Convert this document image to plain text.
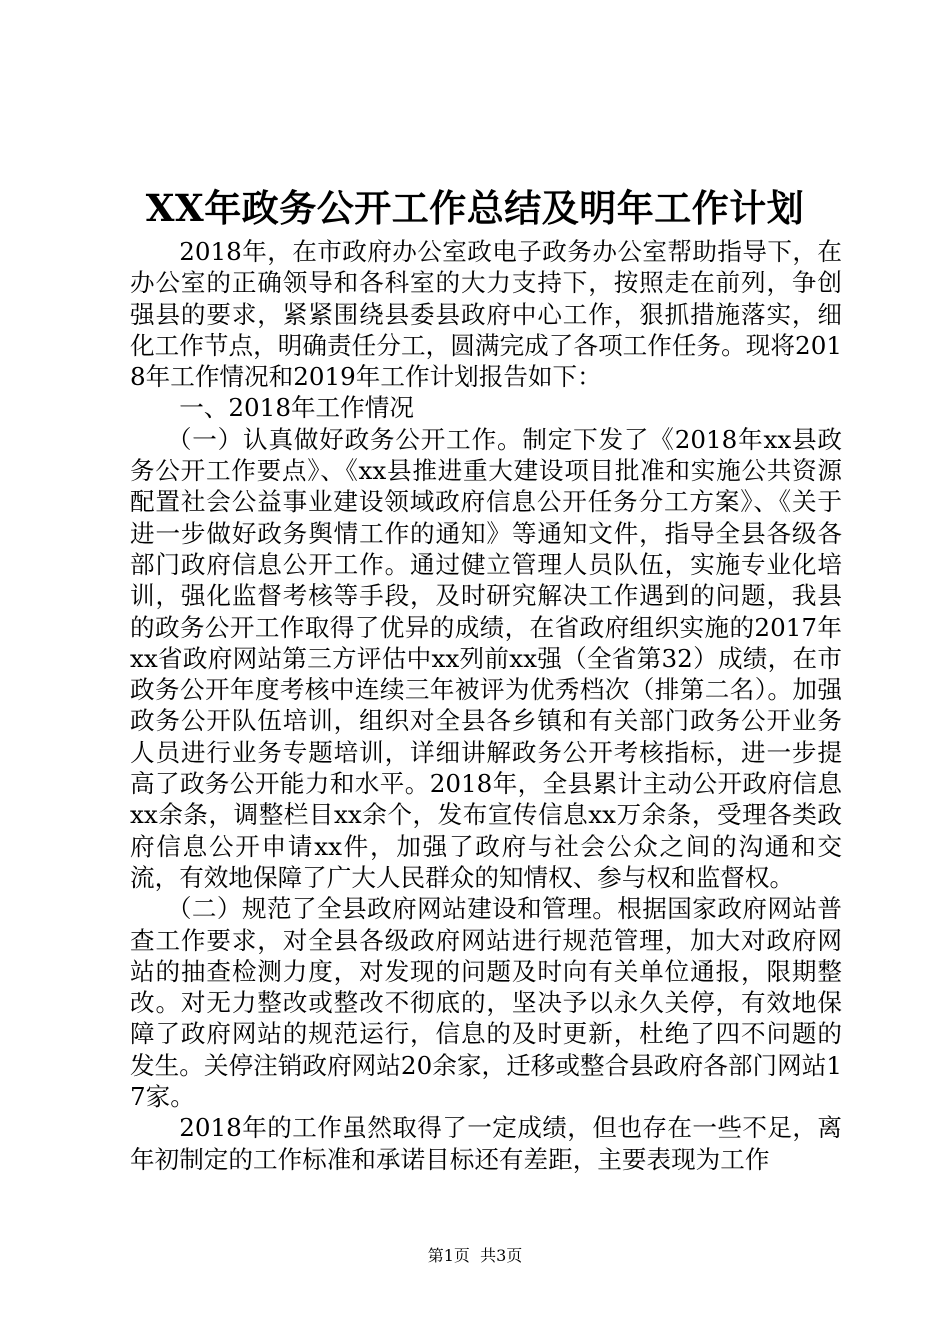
XX年政务公开工作总结及明年工作计划

2018年，在市政府办公室政电子政务办公室帮助指导下，在办公室的正确领导和各科室的大力支持下，按照走在前列，争创强县的要求，紧紧围绕县委县政府中心工作，狠抓措施落实，细化工作节点，明确责任分工，圆满完成了各项工作任务。现将2018年工作情况和2019年工作计划报告如下：

一、2018年工作情况

（一）认真做好政务公开工作。制定下发了《2018年xx县政务公开工作要点》、《xx县推进重大建设项目批准和实施公共资源配置社会公益事业建设领域政府信息公开任务分工方案》、《关于进一步做好政务舆情工作的通知》等通知文件，指导全县各级各部门政府信息公开工作。通过健立管理人员队伍，实施专业化培训，强化监督考核等手段，及时研究解决工作遇到的问题，我县的政务公开工作取得了优异的成绩，在省政府组织实施的2017年xx省政府网站第三方评估中xx列前xx强（全省第32）成绩，在市政务公开年度考核中连续三年被评为优秀档次（排第二名）。加强政务公开队伍培训，组织对全县各乡镇和有关部门政务公开业务人员进行业务专题培训，详细讲解政务公开考核指标，进一步提高了政务公开能力和水平。2018年，全县累计主动公开政府信息xx余条，调整栏目xx余个，发布宣传信息xx万余条，受理各类政府信息公开申请xx件，加强了政府与社会公众之间的沟通和交流，有效地保障了广大人民群众的知情权、参与权和监督权。

（二）规范了全县政府网站建设和管理。根据国家政府网站普查工作要求，对全县各级政府网站进行规范管理，加大对政府网站的抽查检测力度，对发现的问题及时向有关单位通报，限期整改。对无力整改或整改不彻底的，坚决予以永久关停，有效地保障了政府网站的规范运行，信息的及时更新，杜绝了四不问题的发生。关停注销政府网站20余家，迁移或整合县政府各部门网站17家。

2018年的工作虽然取得了一定成绩，但也存在一些不足，离年初制定的工作标准和承诺目标还有差距，主要表现为工作

第1页  共3页
